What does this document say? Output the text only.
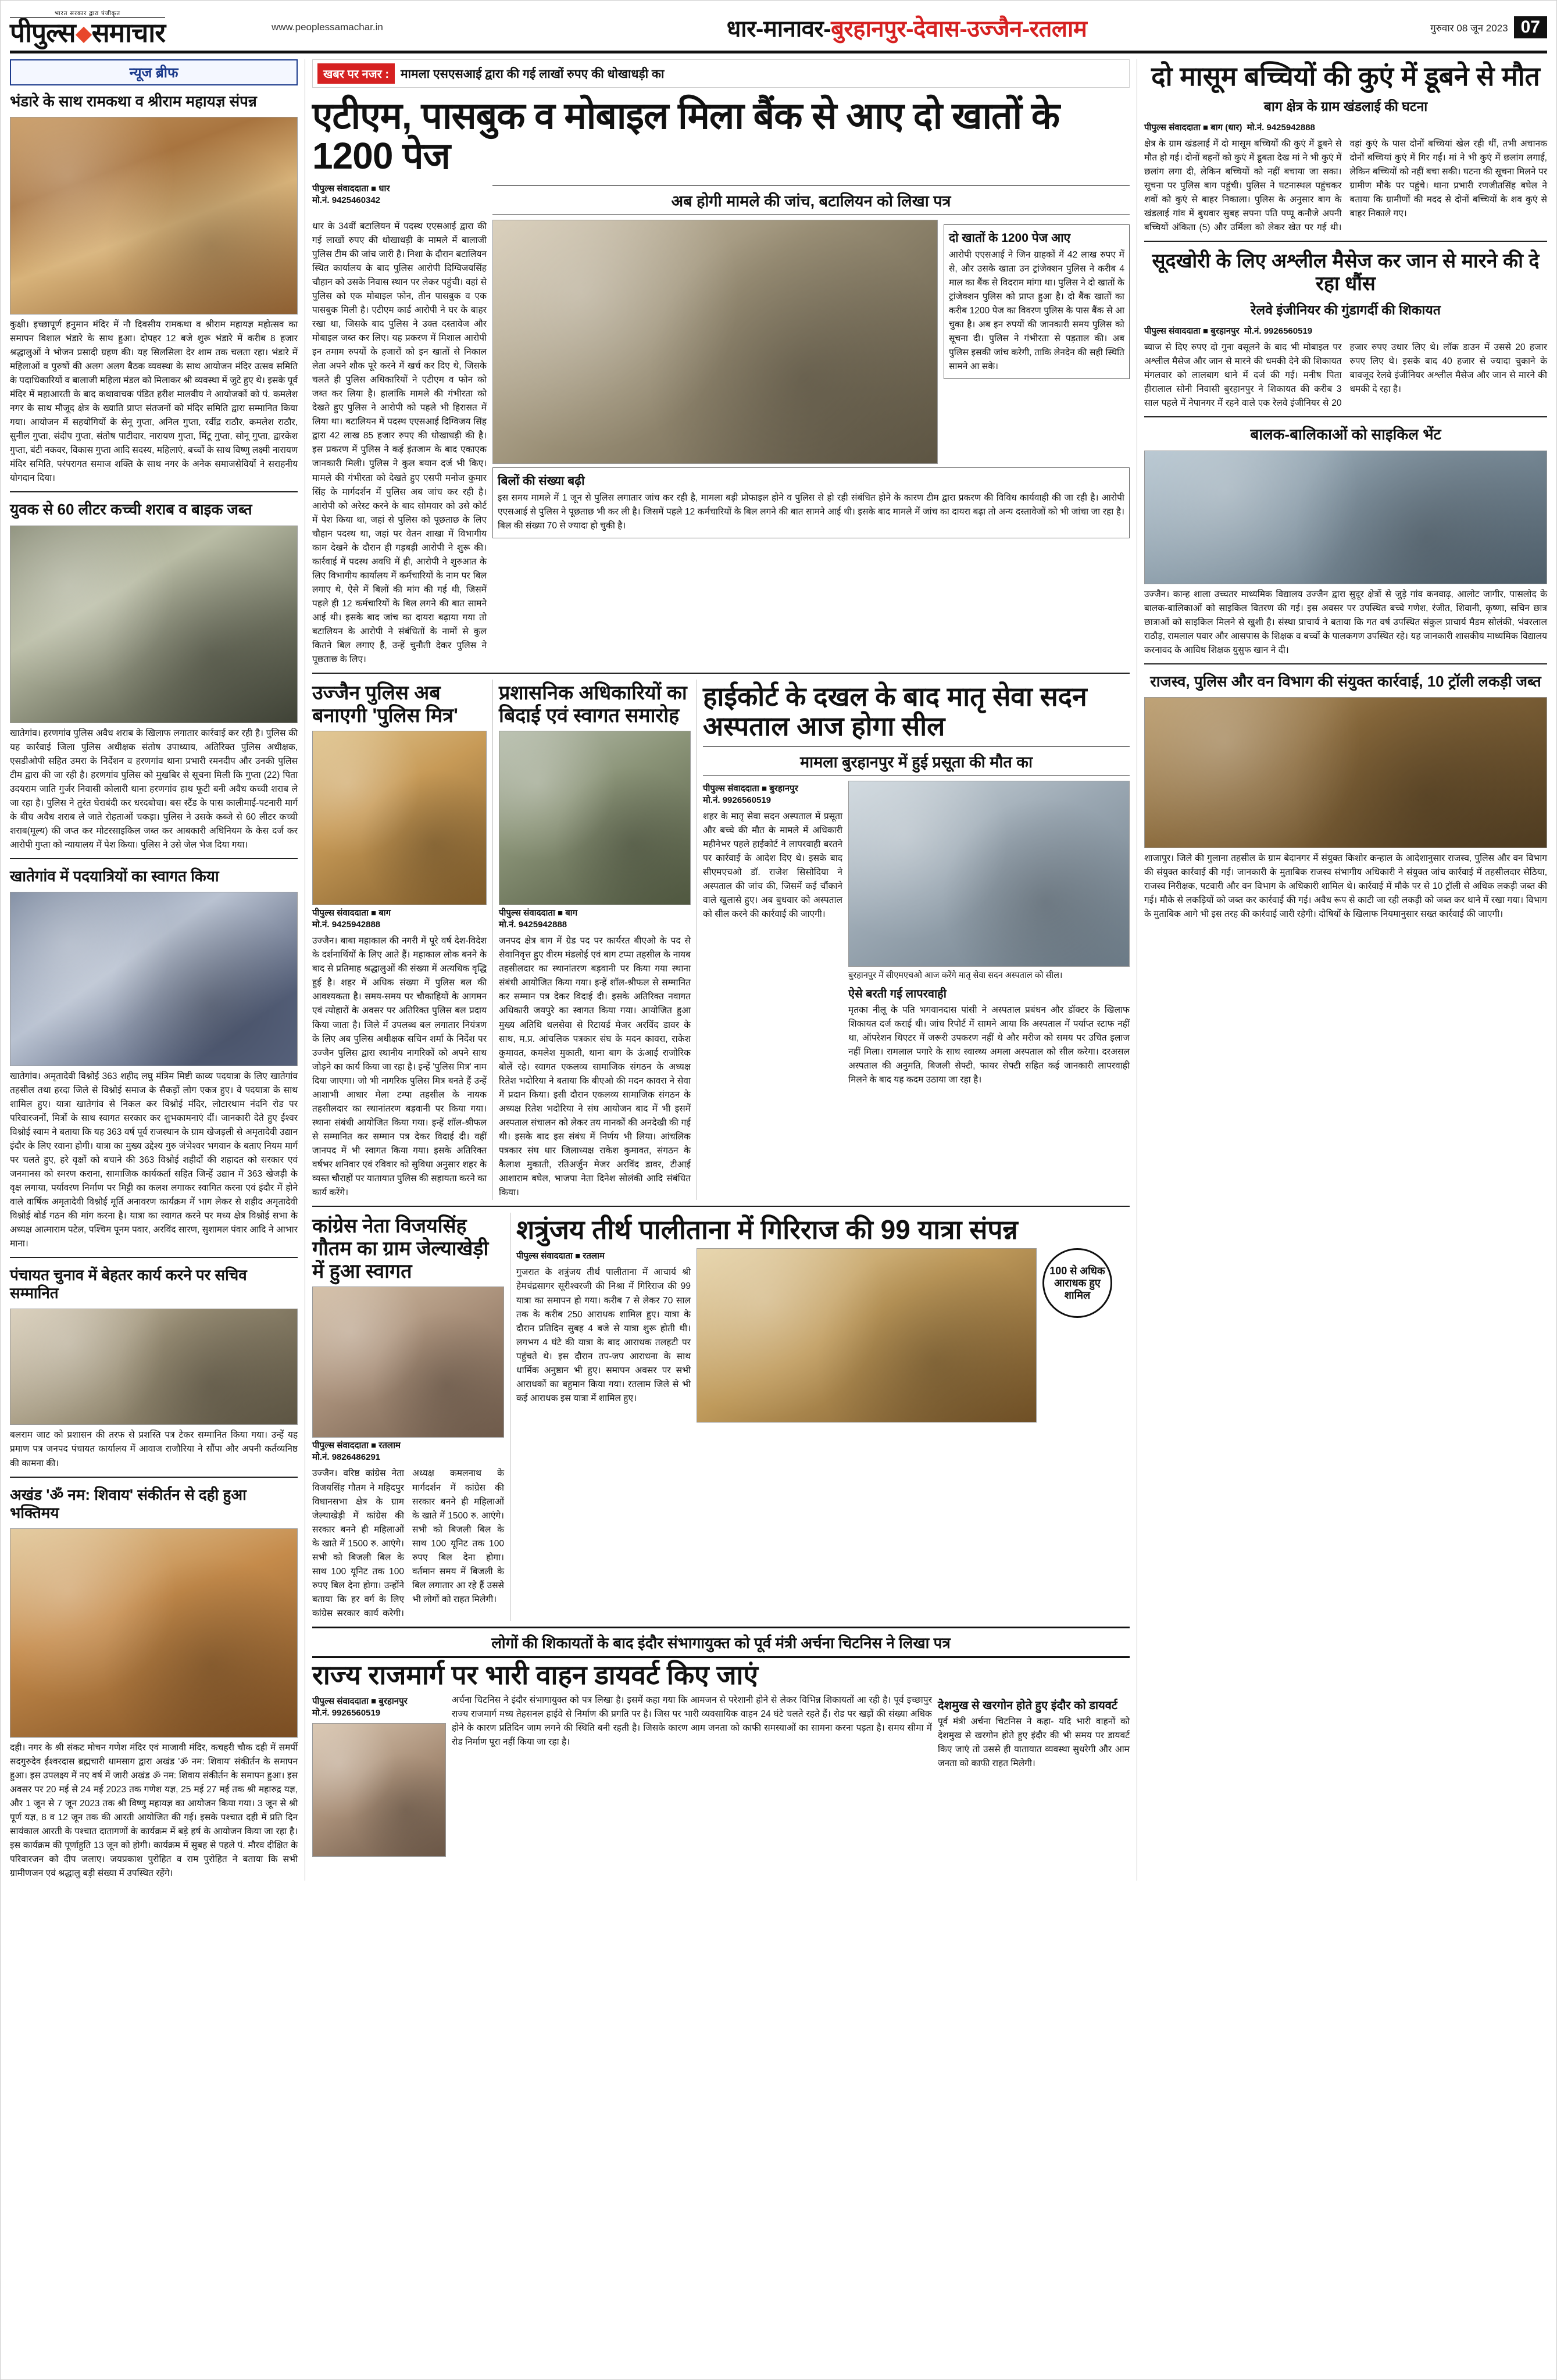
भारत सरकार द्वारा पंजीकृत
पीपुल्स समाचार	www.peoplessamachar.in	धार-मानावर-बुरहानपुर-देवास-उज्जैन-रतलाम	गुरुवार 08 जून 2023 07
न्यूज ब्रीफ
भंडारे के साथ रामकथा व श्रीराम महायज्ञ संपन्न
कुक्षी। इच्छापूर्ण हनुमान मंदिर में नौ दिवसीय रामकथा व श्रीराम महायज्ञ महोत्सव का समापन विशाल भंडारे के साथ हुआ। दोपहर 12 बजे शुरू भंडारे में करीब 8 हजार श्रद्धालुओं ने भोजन प्रसादी ग्रहण की। यह सिलसिला देर शाम तक चलता रहा। भंडारे में महिलाओं व पुरुषों की अलग अलग बैठक व्यवस्था के साथ आयोजन मंदिर उत्सव समिति के पदाधिकारियों व बालाजी महिला मंडल को मिलाकर श्री व्यवस्था में जुटे हुए थे। इसके पूर्व मंदिर में महाआरती के बाद कथावाचक पंडित हरीश मालवीय ने आयोजकों को पं. कमलेश नगर के साथ मौजूद क्षेत्र के ख्याति प्राप्त संतजनों को मंदिर समिति द्वारा सम्मानित किया गया। आयोजन में सहयोगियों के सेनू गुप्ता, अनिल गुप्ता, रवींद्र राठौर, कमलेश राठौर, सुनील गुप्ता, संदीप गुप्ता, संतोष पाटीदार, नारायण गुप्ता, मिंटू गुप्ता, सोनू गुप्ता, द्वारकेश गुप्ता, बंटी नकवर, विकास गुप्ता आदि सदस्य, महिलाएं, बच्चों के साथ विष्णु लक्ष्मी नारायण मंदिर समिति, परंपरागत समाज शक्ति के साथ नगर के अनेक समाजसेवियों ने सराहनीय योगदान दिया।
युवक से 60 लीटर कच्ची शराब व बाइक जब्त
खातेगांव। हरणगांव पुलिस अवैध शराब के खिलाफ लगातार कार्रवाई कर रही है। पुलिस की यह कार्रवाई जिला पुलिस अधीक्षक संतोष उपाध्याय, अतिरिक्त पुलिस अधीक्षक, एसडीओपी सहित उमरा के निर्देशन व हरणगांव थाना प्रभारी रमनदीप और उनकी पुलिस टीम द्वारा की जा रही है। हरणगांव पुलिस को मुखबिर से सूचना मिली कि गुप्ता (22) पिता उदयराम जाति गुर्जर निवासी कोलारी थाना हरणगांव हाथ फूटी बनी अवैध कच्ची शराब ले जा रहा है। पुलिस ने तुरंत घेराबंदी कर धरदबोचा। बस स्टैंड के पास कालीमाई-पटनारी मार्ग के बीच अवैध शराब ले जाते रोहताओं चकड़ा। पुलिस ने उसके कब्जे से 60 लीटर कच्ची शराब(मूल्य) की जप्त कर मोटरसाइकिल जब्त कर आबकारी अधिनियम के केस दर्ज कर आरोपी गुप्ता को न्यायालय में पेश किया। पुलिस ने उसे जेल भेज दिया गया।
खातेगांव में पदयात्रियों का स्वागत किया
खातेगांव। अमृतादेवी विश्नोई 363 शहीद लघु मंत्रिम मिष्टी काव्य पदयात्रा के लिए खातेगांव तहसील तथा हरदा जिले से विश्नोई समाज के सैकड़ों लोग एकत्र हुए। वे पदयात्रा के साथ शामिल हुए। यात्रा खातेगांव से निकल कर विश्नोई मंदिर, लोटारथाम नंदनि रोड पर परिवारजनों, मित्रों के साथ स्वागत सरकार कर शुभकामनाएं दीं। जानकारी देते हुए ईश्वर विश्नोई स्वाम ने बताया कि यह 363 वर्ष पूर्व राजस्थान के ग्राम खेजड़ली से अमृतादेवी उद्यान इंदौर के लिए रवाना होगी। यात्रा का मुख्य उद्देश्य गुरु जंभेश्वर भगवान के बताए नियम मार्ग पर चलते हुए, हरे वृक्षों को बचाने की 363 विश्नोई शहीदों की शहादत को सरकार एवं जनमानस को स्मरण कराना, सामाजिक कार्यकर्ता सहित जिन्हें उद्यान में 363 खेजड़ी के वृक्ष लगाया, पर्यावरण निर्माण पर मिट्टी का कलश लगाकर स्वागित करना एवं इंदौर में होने वाले वार्षिक अमृतादेवी विश्नोई मूर्ति अनावरण कार्यक्रम में भाग लेकर से शहीद अमृतादेवी विश्नोई बोर्ड गठन की मांग करना है। यात्रा का स्वागत करने पर मध्य क्षेत्र विश्नोई सभा के अध्यक्ष आत्माराम पटेल, पश्चिम पूनम पवार, अरविंद सारण, सुशामल पंवार आदि ने आभार माना।
पंचायत चुनाव में बेहतर कार्य करने पर सचिव सम्मानित
बलराम जाट को प्रशासन की तरफ से प्रशस्ति पत्र टेकर सम्मानित किया गया। उन्हें यह प्रमाण पत्र जनपद पंचायत कार्यालय में आवाज राजौरिया ने सौंपा और अपनी कर्तव्यनिष्ठ की कामना की।
अखंड 'ॐ नम: शिवाय' संकीर्तन से दही हुआ भक्तिमय
दही। नगर के श्री संकट मोचन गणेश मंदिर एवं माजावी मंदिर, कचहरी चौक दही में समर्पी सदगुरुदेव ईश्वरदास ब्रह्मचारी धामसाग द्वारा अखंड 'ॐ नम: शिवाय' संकीर्तन के समापन हुआ। इस उपलक्ष्य में नए वर्ष में जारी अखंड ॐ नम: शिवाय संकीर्तन के समापन हुआ। इस अवसर पर 20 मई से 24 मई 2023 तक गणेश यज्ञ, 25 मई 27 मई तक श्री महारुद्र यज्ञ, और 1 जून से 7 जून 2023 तक श्री विष्णु महायज्ञ का आयोजन किया गया। 3 जून से श्री पूर्ण यज्ञ, 8 व 12 जून तक की आरती आयोजित की गई। इसके पश्चात दही में प्रति दिन सायंकाल आरती के पश्चात दातागणों के कार्यक्रम में बड़े हर्ष के आयोजन किया जा रहा है। इस कार्यक्रम की पूर्णाहुति 13 जून को होगी। कार्यक्रम में सुबह से पहले पं. मौरव दीक्षित के परिवारजन को दीप जलाए। जयप्रकाश पुरोहित व राम पुरोहित ने बताया कि सभी ग्रामीणजन एवं श्रद्धालु बड़ी संख्या में उपस्थित रहेंगे।
खबर पर नजर : मामला एसएसआई द्वारा की गई लाखों रुपए की धोखाधड़ी का
एटीएम, पासबुक व मोबाइल मिला बैंक से आए दो खातों के 1200 पेज
पीपुल्स संवाददाता ■ धार
मो.नं. 9425460342	अब होगी मामले की जांच, बटालियन को लिखा पत्र
धार के 34वीं बटालियन में पदस्थ एएसआई द्वारा की गई लाखों रुपए की धोखाधड़ी के मामले में बालाजी पुलिस टीम की जांच जारी है। निशा के दौरान बटालियन स्थित कार्यालय के बाद पुलिस आरोपी दिग्विजयसिंह चौहान को उसके निवास स्थान पर लेकर पहुंची। वहां से पुलिस को एक मोबाइल फोन, तीन पासबुक व एक पासबुक मिली है। एटीएम कार्ड आरोपी ने घर के बाहर रखा था, जिसके बाद पुलिस ने उक्त दस्तावेज और मोबाइल जब्त कर लिए। यह प्रकरण में मिशाल आरोपी इन तमाम रुपयों के हजारों को इन खातों से निकाल लेता अपने शौक पूरे करने में खर्च कर दिए थे, जिसके चलते ही पुलिस अधिकारियों ने एटीएम व फोन को जब्त कर लिया है। हालांकि मामले की गंभीरता को देखते हुए पुलिस ने आरोपी को पहले भी हिरासत में लिया था। बटालियन में पदस्थ एएसआई दिग्विजय सिंह द्वारा 42 लाख 85 हजार रुपए की धोखाधड़ी की है। इस प्रकरण में पुलिस ने कई इंतजाम के बाद एकाएक जानकारी मिली। पुलिस ने कुल बयान दर्ज भी किए। मामले की गंभीरता को देखते हुए एसपी मनोज कुमार सिंह के मार्गदर्शन में पुलिस अब जांच कर रही है। आरोपी को अरेस्ट करने के बाद सोमवार को उसे कोर्ट में पेश किया था, जहां से पुलिस को पूछताछ के लिए चौहान पदस्थ था, जहां पर वेतन शाखा में विभागीय काम देखने के दौरान ही गड़बड़ी आरोपी ने शुरू की। कार्रवाई में पदस्थ अवधि में ही, आरोपी ने शुरुआत के लिए विभागीय कार्यालय में कर्मचारियों के नाम पर बिल लगाए थे, ऐसे में बिलों की मांग की गई थी, जिसमें पहले ही 12 कर्मचारियों के बिल लगने की बात सामने आई थी। इसके बाद जांच का दायरा बढ़ाया गया तो बटालियन के आरोपी ने संबंधितों के नामों से कुल कितने बिल लगाए हैं, उन्हें चुनौती देकर पुलिस ने पूछताछ के लिए।
दो खातों के 1200 पेज आए
आरोपी एएसआई ने जिन ग्राहकों में 42 लाख रुपए में से, और उसके खाता उन ट्रांजेक्शन पुलिस ने करीब 4 माल का बैंक से विदराम मांगा था। पुलिस ने दो खातों के ट्रांजेक्शन पुलिस को प्राप्त हुआ है। दो बैंक खातों का करीब 1200 पेज का विवरण पुलिस के पास बैंक से आ चुका है। अब इन रुपयों की जानकारी समय पुलिस को सूचना दी। पुलिस ने गंभीरता से पड़ताल की। अब पुलिस इसकी जांच करेगी, ताकि लेनदेन की सही स्थिति सामने आ सके।
बिलों की संख्या बढ़ी
इस समय मामले में 1 जून से पुलिस लगातार जांच कर रही है, मामला बड़ी प्रोफाइल होने व पुलिस से हो रही संबंधित होने के कारण टीम द्वारा प्रकरण की विविध कार्यवाही की जा रही है। आरोपी एएसआई से पुलिस ने पूछताछ भी कर ली है। जिसमें पहले 12 कर्मचारियों के बिल लगने की बात सामने आई थी। इसके बाद मामले में जांच का दायरा बढ़ा तो अन्य दस्तावेजों को भी जांचा जा रहा है। बिल की संख्या 70 से ज्यादा हो चुकी है।
उज्जैन पुलिस अब बनाएगी 'पुलिस मित्र'
पीपुल्स संवाददाता ■ बाग
मो.नं. 9425942888
उज्जैन। बाबा महाकाल की नगरी में पूरे वर्ष देश-विदेश के दर्शनार्थियों के लिए आते हैं। महाकाल लोक बनने के बाद से प्रतिमाह श्रद्धालुओं की संख्या में अत्यधिक वृद्धि हुई है। शहर में अधिक संख्या में पुलिस बल की आवश्यकता है। समय-समय पर चौकाहियों के आगमन एवं त्योहारों के अवसर पर अतिरिक्त पुलिस बल प्रदाय किया जाता है। जिले में उपलब्ध बल लगातार नियंत्रण के लिए अब पुलिस अधीक्षक सचिन शर्मा के निर्देश पर उज्जैन पुलिस द्वारा स्थानीय नागरिकों को अपने साथ जोड़ने का कार्य किया जा रहा है। इन्हें 'पुलिस मित्र' नाम दिया जाएगा। जो भी नागरिक पुलिस मित्र बनते हैं उन्हें आशाभी आधार मेला टम्पा तहसील के नायक तहसीलदार का स्थानांतरण बड़वानी पर किया गया। स्थाना संबंधी आयोजित किया गया। इन्हें शॉल-श्रीफल से सम्मानित कर सम्मान पत्र देकर विदाई दी। वहीं जानपद में भी स्वागत किया गया। इसके अतिरिक्त वर्षभर शनिवार एवं रविवार को सुविधा अनुसार शहर के व्यस्त चौराहों पर यातायात पुलिस की सहायता करने का कार्य करेंगे।
प्रशासनिक अधिकारियों का बिदाई एवं स्वागत समारोह
पीपुल्स संवाददाता ■ बाग
मो.नं. 9425942888
जनपद क्षेत्र बाग में ग्रेड पद पर कार्यरत बीएओ के पद से सेवानिवृत्त हुए वीरम मंडलोई एवं बाग टप्पा तहसील के नायब तहसीलदार का स्थानांतरण बड़वानी पर किया गया स्थाना संबंधी आयोजित किया गया। इन्हें शॉल-श्रीफल से सम्मानित कर सम्मान पत्र देकर विदाई दी। इसके अतिरिक्त नवागत अधिकारी जयपुरे का स्वागत किया गया। आयोजित हुआ मुख्य अतिथि थलसेवा से रिटायर्ड मेजर अरविंद डावर के साथ, म.प्र. आंचलिक पत्रकार संघ के मदन कावरा, राकेश कुमावत, कमलेश मुकाती, थाना बाग के ऊंआई राजोरिक बोलें रहे। स्वागत एकलव्य सामाजिक संगठन के अध्यक्ष रितेश भदोरिया ने बताया कि बीएओ की मदन कावरा ने सेवा में प्रदान किया। इसी दौरान एकलव्य सामाजिक संगठन के अध्यक्ष रितेश भदोरिया ने संघ आयोजन बाद में भी इसमें अस्पताल संचालन को लेकर तय मानकों की अनदेखी की गई थी। इसके बाद इस संबंध में निर्णय भी लिया। आंचलिक पत्रकार संघ धार जिलाध्यक्ष राकेश कुमावत, संगठन के कैलाश मुकाती, रतिअर्जुन मेजर अरविंद डावर, टीआई आशाराम बघेल, भाजपा नेता दिनेश सोलंकी आदि संबंधित किया।
हाईकोर्ट के दखल के बाद मातृ सेवा सदन अस्पताल आज होगा सील
मामला बुरहानपुर में हुई प्रसूता की मौत का
पीपुल्स संवाददाता ■ बुरहानपुर
मो.नं. 9926560519
शहर के मातृ सेवा सदन अस्पताल में प्रसूता और बच्चे की मौत के मामले में अधिकारी महीनेभर पहले हाईकोर्ट ने लापरवाही बरतने पर कार्रवाई के आदेश दिए थे। इसके बाद सीएमएचओ डॉ. राजेश सिसोदिया ने अस्पताल की जांच की, जिसमें कई चौंकाने वाले खुलासे हुए। अब बुधवार को अस्पताल को सील करने की कार्रवाई की जाएगी।
बुरहानपुर में सीएमएचओ आज करेंगे मातृ सेवा सदन अस्पताल को सील।
ऐसे बरती गई लापरवाही
मृतका नीलू के पति भगवानदास पांसी ने अस्पताल प्रबंधन और डॉक्टर के खिलाफ शिकायत दर्ज कराई थी। जांच रिपोर्ट में सामने आया कि अस्पताल में पर्याप्त स्टाफ नहीं था, ऑपरेशन थिएटर में जरूरी उपकरण नहीं थे और मरीज को समय पर उचित इलाज नहीं मिला। रामलाल पगारे के साथ स्वास्थ्य अमला अस्पताल को सील करेगा। दरअसल अस्पताल की अनुमति, बिजली सेफ्टी, फायर सेफ्टी सहित कई जानकारी लापरवाही मिलने के बाद यह कदम उठाया जा रहा है।
कांग्रेस नेता विजयसिंह गौतम का ग्राम जेल्याखेड़ी में हुआ स्वागत
पीपुल्स संवाददाता ■ रतलाम
मो.नं. 9826486291
उज्जैन। वरिष्ठ कांग्रेस नेता विजयसिंह गौतम ने महिदपुर विधानसभा क्षेत्र के ग्राम जेल्याखेड़ी में कांग्रेस की सरकार बनने ही महिलाओं के खाते में 1500 रु. आएंगे। सभी को बिजली बिल के साथ 100 यूनिट तक 100 रुपए बिल देना होगा। उन्होंने बताया कि हर वर्ग के लिए कांग्रेस सरकार कार्य करेगी। अध्यक्ष कमलनाथ के मार्गदर्शन में कांग्रेस की सरकार बनने ही महिलाओं के खाते में 1500 रु. आएंगे। सभी को बिजली बिल के साथ 100 यूनिट तक 100 रुपए बिल देना होगा। वर्तमान समय में बिजली के बिल लगातार आ रहे हैं उससे भी लोगों को राहत मिलेगी।
शत्रुंजय तीर्थ पालीताना में गिरिराज की 99 यात्रा संपन्न
पीपुल्स संवाददाता ■ रतलाम
गुजरात के शत्रुंजय तीर्थ पालीताना में आचार्य श्री हेमचंद्रसागर सूरीश्वरजी की निश्रा में गिरिराज की 99 यात्रा का समापन हो गया। करीब 7 से लेकर 70 साल तक के करीब 250 आराधक शामिल हुए। यात्रा के दौरान प्रतिदिन सुबह 4 बजे से यात्रा शुरू होती थी। लगभग 4 घंटे की यात्रा के बाद आराधक तलहटी पर पहुंचते थे। इस दौरान तप-जप आराधना के साथ धार्मिक अनुष्ठान भी हुए। समापन अवसर पर सभी आराधकों का बहुमान किया गया। रतलाम जिले से भी कई आराधक इस यात्रा में शामिल हुए।
100 से अधिक आराधक हुए शामिल
लोगों की शिकायतों के बाद इंदौर संभागायुक्त को पूर्व मंत्री अर्चना चिटनिस ने लिखा पत्र
राज्य राजमार्ग पर भारी वाहन डायवर्ट किए जाएं
पीपुल्स संवाददाता ■ बुरहानपुर
मो.नं. 9926560519
अर्चना चिटनिस ने इंदौर संभागायुक्त को पत्र लिखा है। इसमें कहा गया कि आमजन से परेशानी होने से लेकर विभिन्न शिकायतों आ रही है। पूर्व इच्छापुर राज्य राजमार्ग मध्य तेहसनल हाईवे से निर्माण की प्रगति पर है। जिस पर भारी व्यवसायिक वाहन 24 घंटे चलते रहते हैं। रोड पर खड़ों की संख्या अधिक होने के कारण प्रतिदिन जाम लगने की स्थिति बनी रहती है। जिसके कारण आम जनता को काफी समस्याओं का सामना करना पड़ता है। समय सीमा में रोड निर्माण पूरा नहीं किया जा रहा है।
देशमुख से खरगोन होते हुए इंदौर को डायवर्ट
पूर्व मंत्री अर्चना चिटनिस ने कहा- यदि भारी वाहनों को देशमुख से खरगोन होते हुए इंदौर की भी समय पर डायवर्ट किए जाएं तो उससे ही यातायात व्यवस्था सुधरेगी और आम जनता को काफी राहत मिलेगी।
दो मासूम बच्चियों की कुएं में डूबने से मौत
बाग क्षेत्र के ग्राम खंडलाई की घटना
पीपुल्स संवाददाता ■ बाग (धार) मो.नं. 9425942888
क्षेत्र के ग्राम खंडलाई में दो मासूम बच्चियों की कुएं में डूबने से मौत हो गई। दोनों बहनों को कुएं में डूबता देख मां ने भी कुएं में छलांग लगा दी, लेकिन बच्चियों को नहीं बचाया जा सका। सूचना पर पुलिस बाग पहुंची। पुलिस ने घटनास्थल पहुंचकर शवों को कुएं से बाहर निकाला। पुलिस के अनुसार बाग के खंडलाई गांव में बुधवार सुबह सपना पति पप्पू कनौजे अपनी बच्चियों अंकिता (5) और उर्मिला को लेकर खेत पर गई थी। वहां कुएं के पास दोनों बच्चियां खेल रही थीं, तभी अचानक दोनों बच्चियां कुएं में गिर गईं। मां ने भी कुएं में छलांग लगाई, लेकिन बच्चियों को नहीं बचा सकी। घटना की सूचना मिलने पर ग्रामीण मौके पर पहुंचे। थाना प्रभारी रणजीतसिंह बघेल ने बताया कि ग्रामीणों की मदद से दोनों बच्चियों के शव कुएं से बाहर निकाले गए।
सूदखोरी के लिए अश्लील मैसेज कर जान से मारने की दे रहा धौंस
रेलवे इंजीनियर की गुंडागर्दी की शिकायत
पीपुल्स संवाददाता ■ बुरहानपुर मो.नं. 9926560519
ब्याज से दिए रुपए दो गुना वसूलने के बाद भी मोबाइल पर अश्लील मैसेज और जान से मारने की धमकी देने की शिकायत मंगलवार को लालबाग थाने में दर्ज की गई। मनीष पिता हीरालाल सोनी निवासी बुरहानपुर ने शिकायत की करीब 3 साल पहले में नेपानगर में रहने वाले एक रेलवे इंजीनियर से 20 हजार रुपए उधार लिए थे। लॉक डाउन में उससे 20 हजार रुपए लिए थे। इसके बाद 40 हजार से ज्यादा चुकाने के बावजूद रेलवे इंजीनियर अश्लील मैसेज और जान से मारने की धमकी दे रहा है।
बालक-बालिकाओं को साइकिल भेंट
उज्जैन। कान्ह शाला उच्चतर माध्यमिक विद्यालय उज्जैन द्वारा सुदूर क्षेत्रों से जुड़े गांव कनवाढ़, आलोट जागीर, पासलोद के बालक-बालिकाओं को साइकिल वितरण की गई। इस अवसर पर उपस्थित बच्चे गणेश, रंजीत, शिवानी, कृष्णा, सचिन छात्र छात्राओं को साइकिल मिलने से खुशी है। संस्था प्राचार्य ने बताया कि गत वर्ष उपस्थित संकुल प्राचार्य मैडम सोलंकी, भंवरलाल राठौड़, रामलाल पवार और आसपास के शिक्षक व बच्चों के पालकगण उपस्थित रहे। यह जानकारी शासकीय माध्यमिक विद्यालय करनावद के आविध शिक्षक युसुफ खान ने दी।
राजस्व, पुलिस और वन विभाग की संयुक्त कार्रवाई, 10 ट्रॉली लकड़ी जब्त
शाजापुर। जिले की गुलाना तहसील के ग्राम बेदानगर में संयुक्त किशोर कन्हाल के आदेशानुसार राजस्व, पुलिस और वन विभाग की संयुक्त कार्रवाई की गई। जानकारी के मुताबिक राजस्व संभागीय अधिकारी ने संयुक्त जांच कार्रवाई में तहसीलदार सेठिया, राजस्व निरीक्षक, पटवारी और वन विभाग के अधिकारी शामिल थे। कार्रवाई में मौके पर से 10 ट्रॉली से अधिक लकड़ी जब्त की गई। मौके से लकड़ियों को जब्त कर कार्रवाई की गई। अवैध रूप से काटी जा रही लकड़ी को जब्त कर थाने में रखा गया। विभाग के मुताबिक आगे भी इस तरह की कार्रवाई जारी रहेगी। दोषियों के खिलाफ नियमानुसार सख्त कार्रवाई की जाएगी।
